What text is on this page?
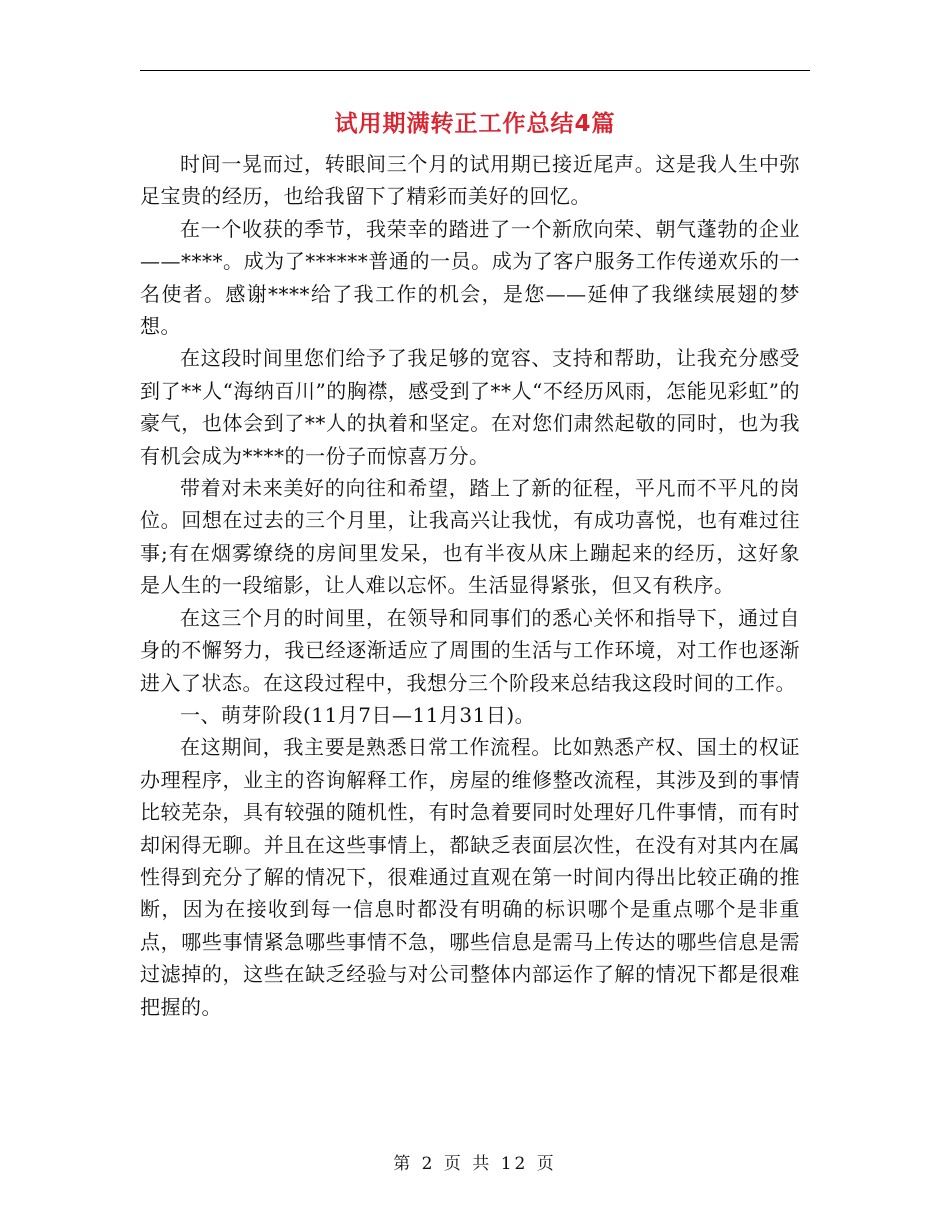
试用期满转正工作总结4篇

时间一晃而过，转眼间三个月的试用期已接近尾声。这是我人生中弥足宝贵的经历，也给我留下了精彩而美好的回忆。

在一个收获的季节，我荣幸的踏进了一个新欣向荣、朝气蓬勃的企业——****。成为了******普通的一员。成为了客户服务工作传递欢乐的一名使者。感谢****给了我工作的机会，是您——延伸了我继续展翅的梦想。

在这段时间里您们给予了我足够的宽容、支持和帮助，让我充分感受到了**人“海纳百川”的胸襟，感受到了**人“不经历风雨，怎能见彩虹”的豪气，也体会到了**人的执着和坚定。在对您们肃然起敬的同时，也为我有机会成为****的一份子而惊喜万分。

带着对未来美好的向往和希望，踏上了新的征程，平凡而不平凡的岗位。回想在过去的三个月里，让我高兴让我忧，有成功喜悦，也有难过往事;有在烟雾缭绕的房间里发呆，也有半夜从床上蹦起来的经历，这好象是人生的一段缩影，让人难以忘怀。生活显得紧张，但又有秩序。

在这三个月的时间里，在领导和同事们的悉心关怀和指导下，通过自身的不懈努力，我已经逐渐适应了周围的生活与工作环境，对工作也逐渐进入了状态。在这段过程中，我想分三个阶段来总结我这段时间的工作。

一、萌芽阶段(11月7日—11月31日)。

在这期间，我主要是熟悉日常工作流程。比如熟悉产权、国土的权证办理程序，业主的咨询解释工作，房屋的维修整改流程，其涉及到的事情比较芜杂，具有较强的随机性，有时急着要同时处理好几件事情，而有时却闲得无聊。并且在这些事情上，都缺乏表面层次性，在没有对其内在属性得到充分了解的情况下，很难通过直观在第一时间内得出比较正确的推断，因为在接收到每一信息时都没有明确的标识哪个是重点哪个是非重点，哪些事情紧急哪些事情不急，哪些信息是需马上传达的哪些信息是需过滤掉的，这些在缺乏经验与对公司整体内部运作了解的情况下都是很难把握的。

第 2 页 共 12 页
